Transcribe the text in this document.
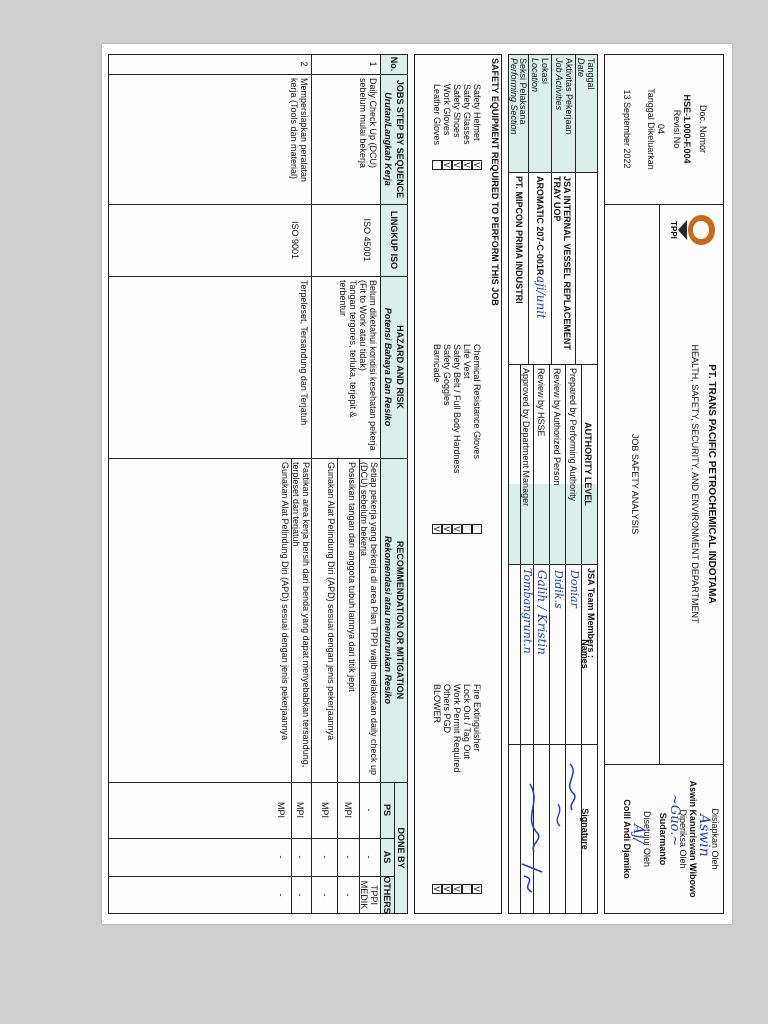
Doc. Nomor
HSE-1.000-F.004
Revisi No
04
Tanggal Dikeluarkan
13 September 2022
TPPI
PT. TRANS PACIFIC PETROCHEMICAL INDOTAMA
HEALTH, SAFETY, SECURITY, AND ENVIRONMENT DEPARTMENT
JOB SAFETY ANALYSIS
Disiapkan Oleh
Aswin
Aswin Kanuriswan Wibowo
Diperiksa Oleh
~Guo.~
Sudarmanto
Disetujui Oleh
Aj/
Colll Andi Djamiko
Tanggal
Date
Aktivitas Pekerjaan
Job Activities
JSA INTERNAL VESSEL REPLACEMENT TRAY UOP
Lokasi
Location
AROMATIC 207-C-001R
aji/unit
Seksi Pelaksana
Performing Section
PT. MIPCON PRIMA INDUSTRI
AUTHORITY LEVEL
JSA Team Members :
Names
Signature
Prepared by Performing Authority
Review by Authorized Person
Review by HSSE
Approved by Department Manager
Doniar
Didik.s
Galih / Kristin
Tombangrunt.n
SAFETY EQUIPMENT REQUIRED TO PERFORM THIS JOB
Safety Helmet
Safety Glasses
Safety Shoes
Work Gloves
Leather Gloves
V
V
V
V
Chemical Resistance Gloves
Life Vest
Safety Belt / Full Body Hardness
Safety Goggles
Barricade
V
V
V
Fire Extinguisher
Lock Out / Tag Out
Work Permit Required
Others PGD
BLOWER
V
V
V
V
No.
JOBS STEP BY SEQUENCE
Urutan/Langkah Kerja
LINGKUP ISO
HAZARD AND RISK
Potensi Bahaya Dan Resiko
RECOMMENDATION OR MITIGATION
Rekomendasi atau menurunkan Resiko
DONE BY
PS
AS
OTHERS
1
Daily Check Up (DCU) sebelum mulai bekerja
ISO 45001
Belum diketahui kondisi kesehatan pekerja (Fit to Work atau tidak)
Tangan tergores, terluka, terjepit & terbentur
Setiap pekerja yang bekerja di area Plan TPPI wajib melakukan daily check up (DCU) sebelum bekerja
Posisikan tangan dan anggota tubuh lainnya dari titik jepit
Gunakan Alat Pelindung Diri (APD) sesuai dengan jenis pekerjaannya
-
-
TPPI MEDIK
MPI
-
-
MPI
-
-
2
Mempersiapkan peralatan kerja (Tools dan material)
ISO 9001
Terpeleset, Tersandung dan Terjatuh
Pastikan area kerja bersih dari benda yang dapat menyebabkan tersandung, terpleset dan terjatuh
Gunakan Alat Pelindung Diri (APD) sesuai dengan jenis pekerjaannya
MPI
-
-
MPI
-
-
